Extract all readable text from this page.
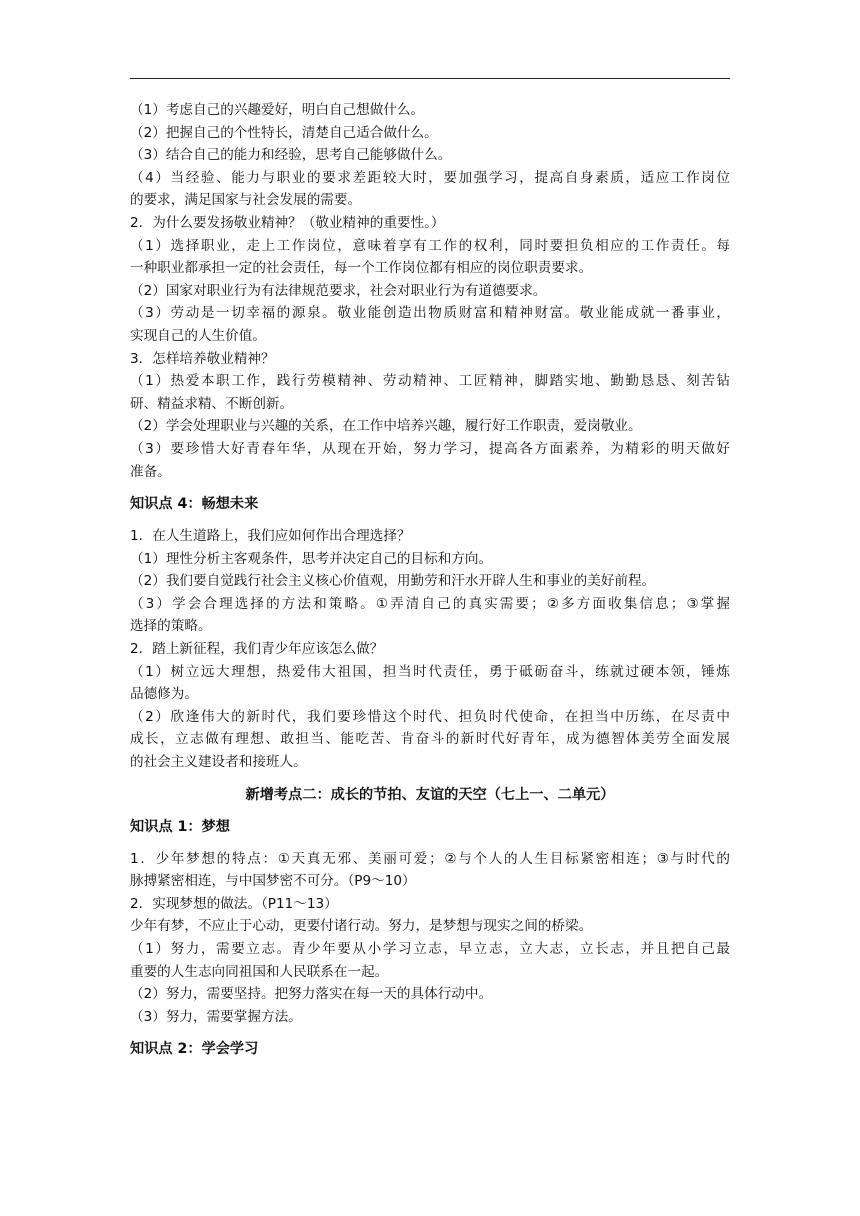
（1）考虑自己的兴趣爱好，明白自己想做什么。
（2）把握自己的个性特长，清楚自己适合做什么。
（3）结合自己的能力和经验，思考自己能够做什么。
（4）当经验、能力与职业的要求差距较大时，要加强学习，提高自身素质，适应工作岗位
的要求，满足国家与社会发展的需要。
2．为什么要发扬敬业精神？（敬业精神的重要性。）
（1）选择职业，走上工作岗位，意味着享有工作的权利，同时要担负相应的工作责任。每
一种职业都承担一定的社会责任，每一个工作岗位都有相应的岗位职责要求。
（2）国家对职业行为有法律规范要求，社会对职业行为有道德要求。
（3）劳动是一切幸福的源泉。敬业能创造出物质财富和精神财富。敬业能成就一番事业，
实现自己的人生价值。
3．怎样培养敬业精神？
（1）热爱本职工作，践行劳模精神、劳动精神、工匠精神，脚踏实地、勤勤恳恳、刻苦钻
研、精益求精、不断创新。
（2）学会处理职业与兴趣的关系，在工作中培养兴趣，履行好工作职责，爱岗敬业。
（3）要珍惜大好青春年华，从现在开始，努力学习，提高各方面素养，为精彩的明天做好
准备。
知识点 4：畅想未来
1．在人生道路上，我们应如何作出合理选择？
（1）理性分析主客观条件，思考并决定自己的目标和方向。
（2）我们要自觉践行社会主义核心价值观，用勤劳和汗水开辟人生和事业的美好前程。
（3）学会合理选择的方法和策略。①弄清自己的真实需要；②多方面收集信息；③掌握
选择的策略。
2．踏上新征程，我们青少年应该怎么做？
（1）树立远大理想，热爱伟大祖国，担当时代责任，勇于砥砺奋斗，练就过硬本领，锤炼
品德修为。
（2）欣逢伟大的新时代，我们要珍惜这个时代、担负时代使命，在担当中历练，在尽责中
成长，立志做有理想、敢担当、能吃苦、肯奋斗的新时代好青年，成为德智体美劳全面发展
的社会主义建设者和接班人。
新增考点二：成长的节拍、友谊的天空（七上一、二单元）
知识点 1：梦想
1．少年梦想的特点：①天真无邪、美丽可爱；②与个人的人生目标紧密相连；③与时代的
脉搏紧密相连，与中国梦密不可分。（P9～10）
2．实现梦想的做法。（P11～13）
少年有梦，不应止于心动，更要付诸行动。努力，是梦想与现实之间的桥梁。
（1）努力，需要立志。青少年要从小学习立志，早立志，立大志，立长志，并且把自己最
重要的人生志向同祖国和人民联系在一起。
（2）努力，需要坚持。把努力落实在每一天的具体行动中。
（3）努力，需要掌握方法。
知识点 2：学会学习
